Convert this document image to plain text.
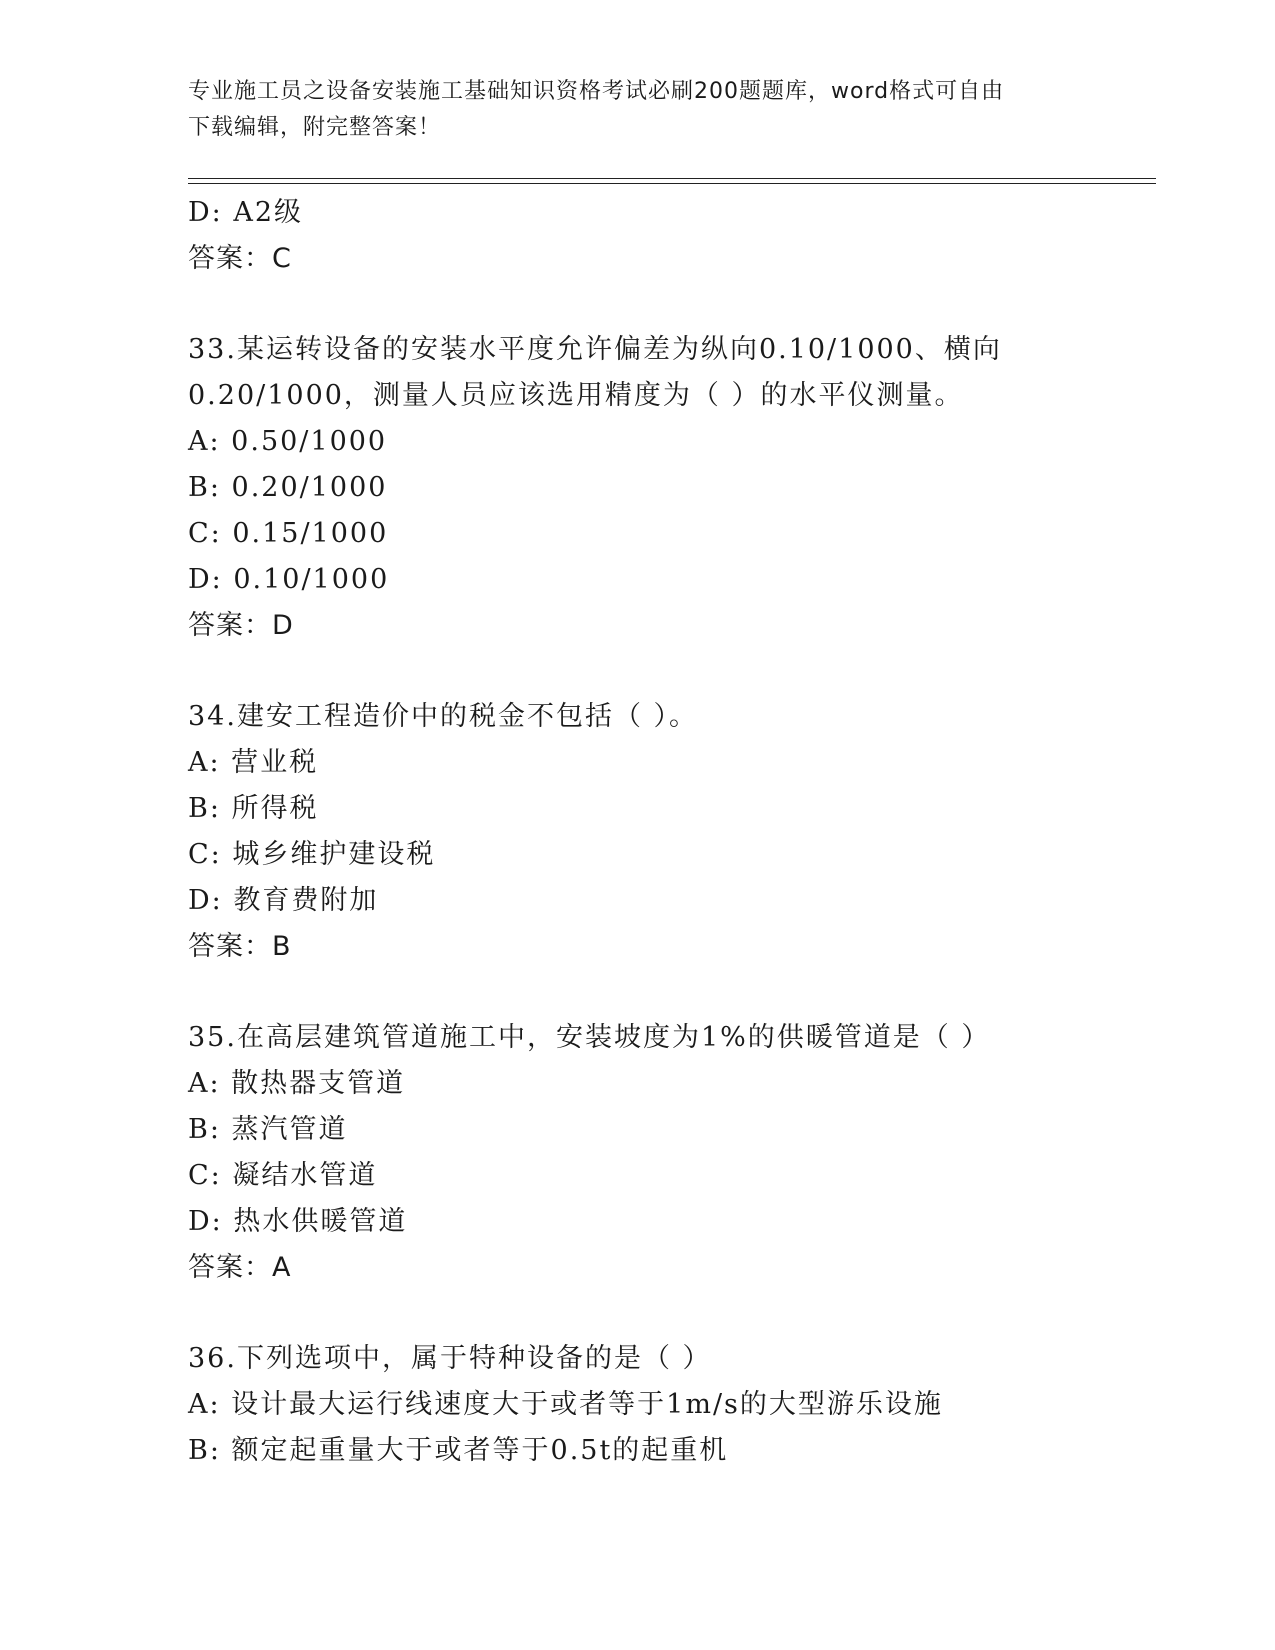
专业施工员之设备安装施工基础知识资格考试必刷200题题库，word格式可自由
下载编辑，附完整答案！
D: A2级
答案：C
33.某运转设备的安装水平度允许偏差为纵向0.10/1000、横向
0.20/1000，测量人员应该选用精度为（ ）的水平仪测量。
A: 0.50/1000
B: 0.20/1000
C: 0.15/1000
D: 0.10/1000
答案：D
34.建安工程造价中的税金不包括（ ）。
A: 营业税
B: 所得税
C: 城乡维护建设税
D: 教育费附加
答案：B
35.在高层建筑管道施工中，安装坡度为1%的供暖管道是（ ）
A: 散热器支管道
B: 蒸汽管道
C: 凝结水管道
D: 热水供暖管道
答案：A
36.下列选项中，属于特种设备的是（ ）
A: 设计最大运行线速度大于或者等于1m/s的大型游乐设施
B: 额定起重量大于或者等于0.5t的起重机
